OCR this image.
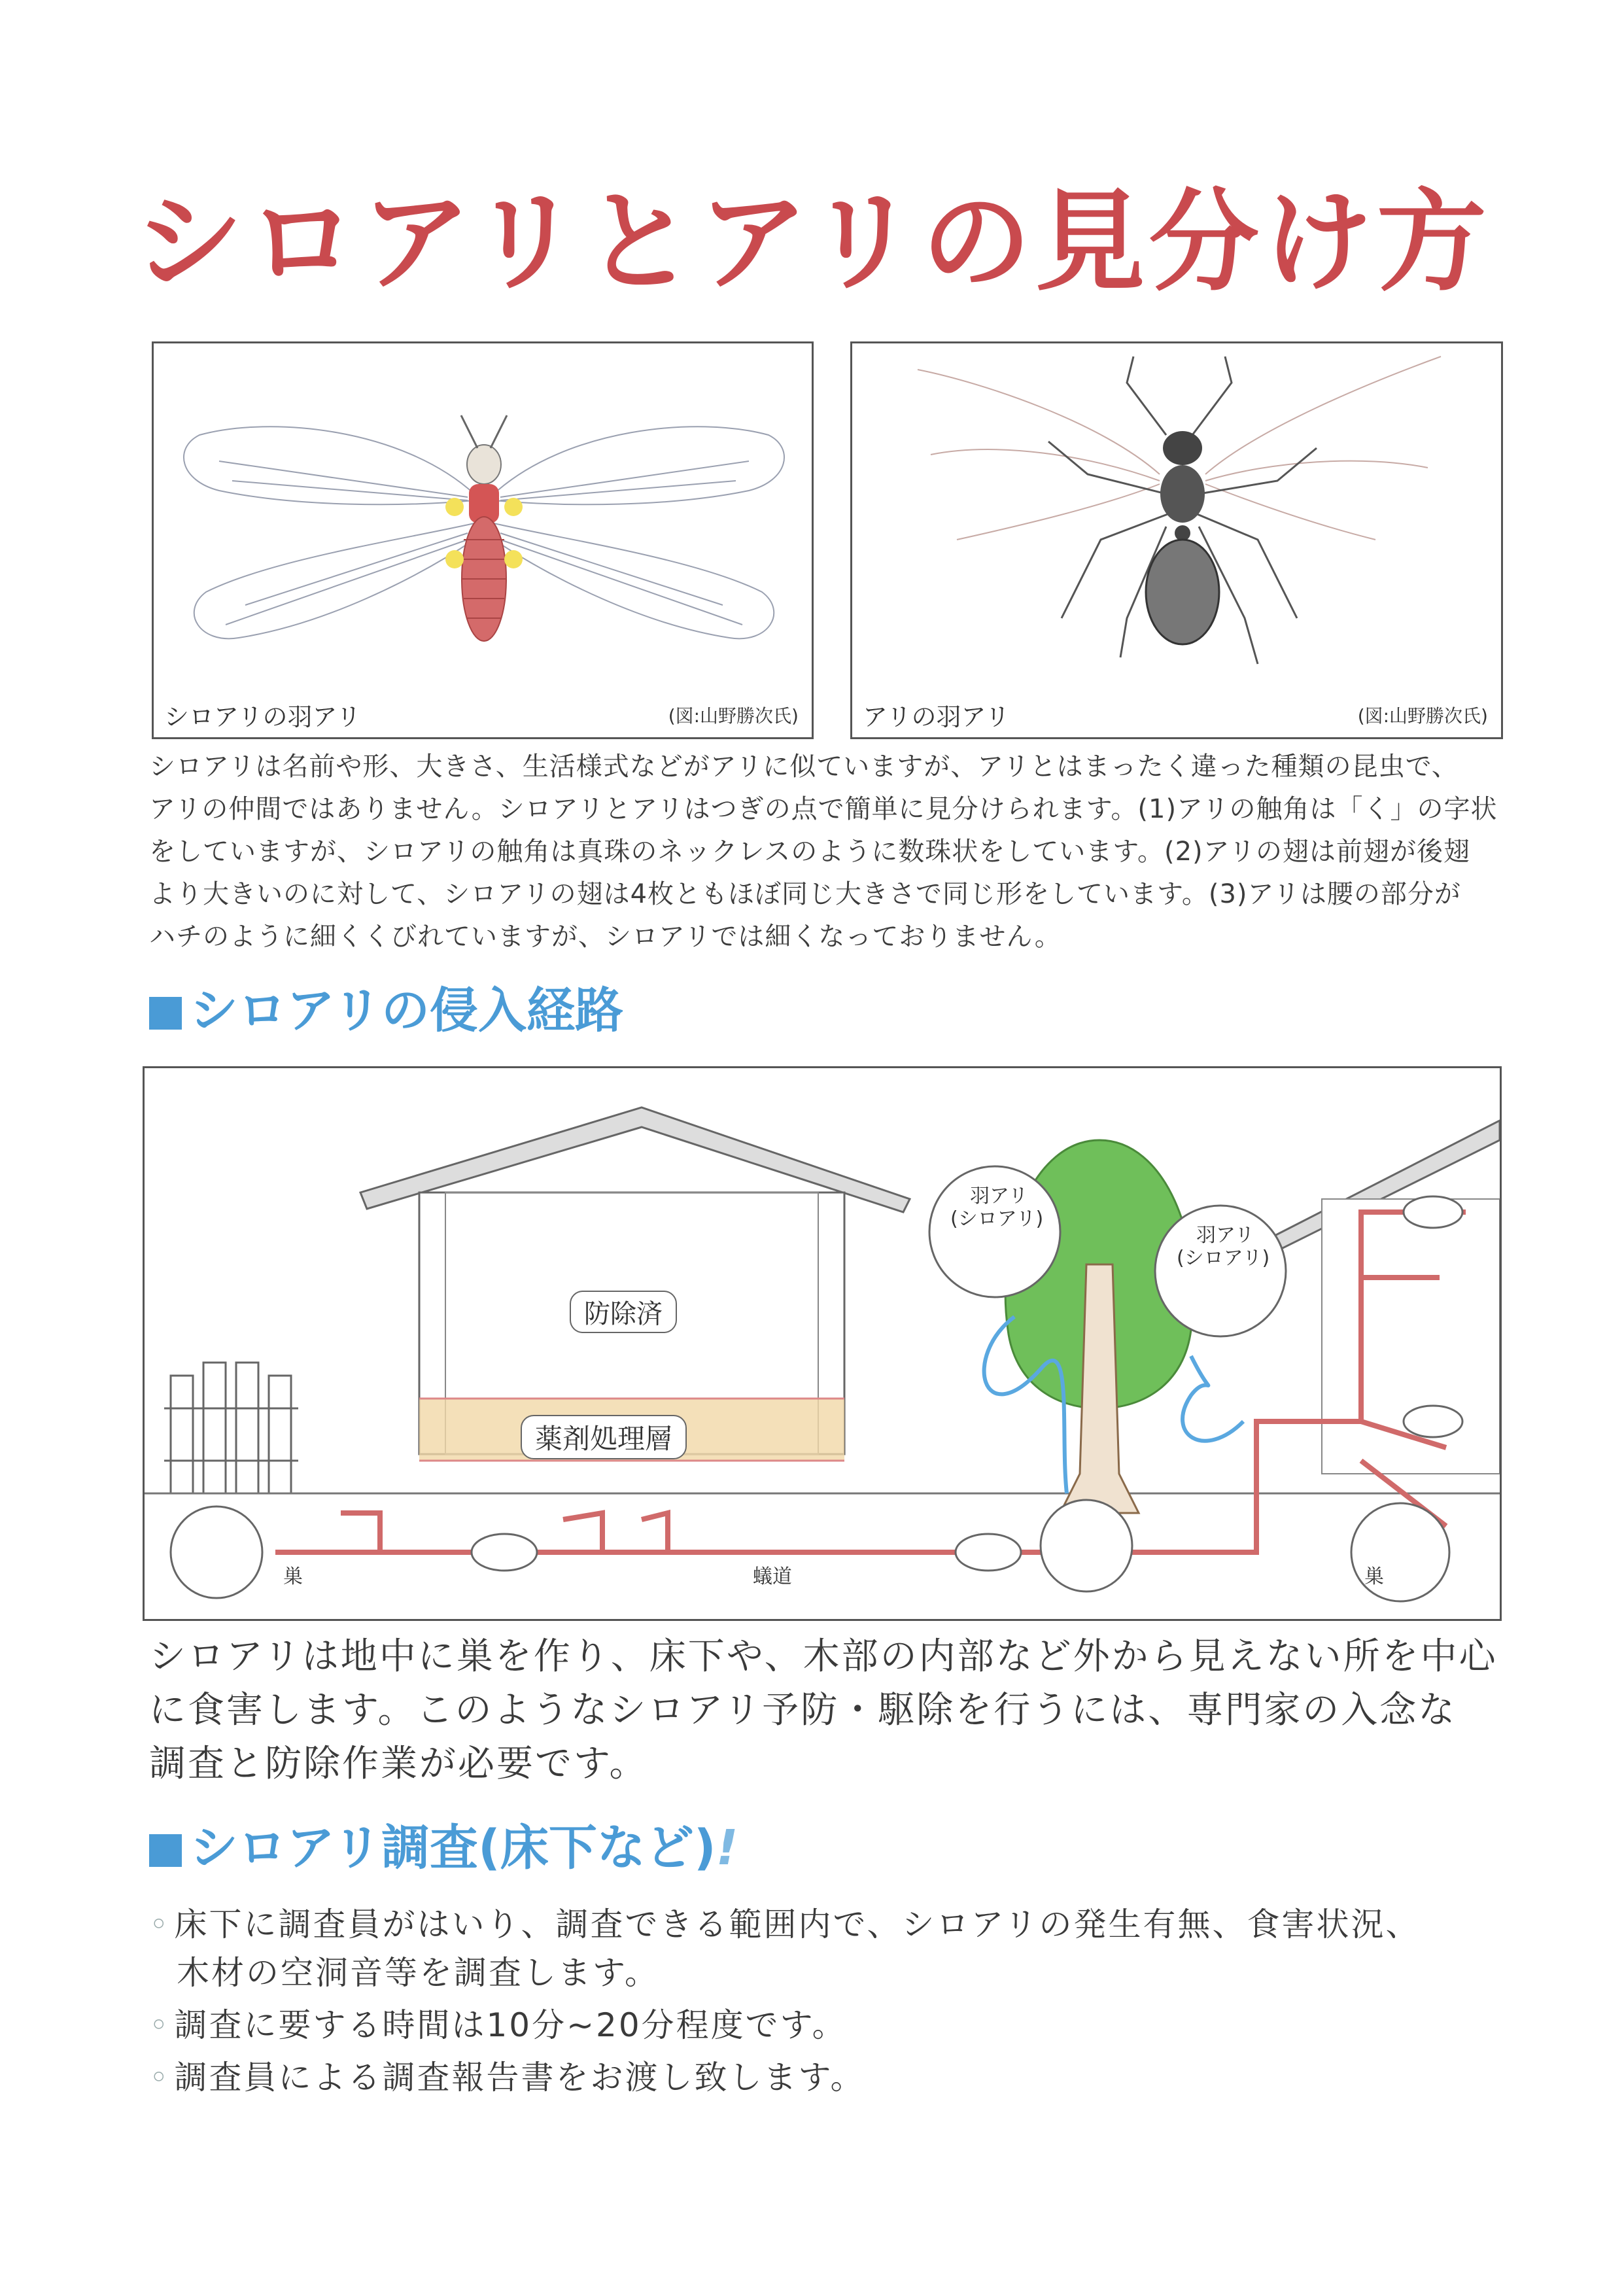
シロアリとアリの見分け方
シロアリの羽アリ	(図:山野勝次氏)	アリの羽アリ	(図:山野勝次氏)
シロアリは名前や形、大きさ、生活様式などがアリに似ていますが、アリとはまったく違った種類の昆虫で、
アリの仲間ではありません。シロアリとアリはつぎの点で簡単に見分けられます。(1)アリの触角は「く」の字状
をしていますが、シロアリの触角は真珠のネックレスのように数珠状をしています。(2)アリの翅は前翅が後翅
より大きいのに対して、シロアリの翅は4枚ともほぼ同じ大きさで同じ形をしています。(3)アリは腰の部分が
ハチのように細くくびれていますが、シロアリでは細くなっておりません。
シロアリの侵入経路
防除済
薬剤処理層
羽アリ
(シロアリ)
羽アリ
(シロアリ)
巣	蟻道	巣
シロアリは地中に巣を作り、床下や、木部の内部など外から見えない所を中心
に食害します。このようなシロアリ予防・駆除を行うには、専門家の入念な
調査と防除作業が必要です。
シロアリ調査(床下など)!
◦ 床下に調査員がはいり、調査できる範囲内で、シロアリの発生有無、食害状況、
木材の空洞音等を調査します。
◦ 調査に要する時間は10分~20分程度です。
◦ 調査員による調査報告書をお渡し致します。
